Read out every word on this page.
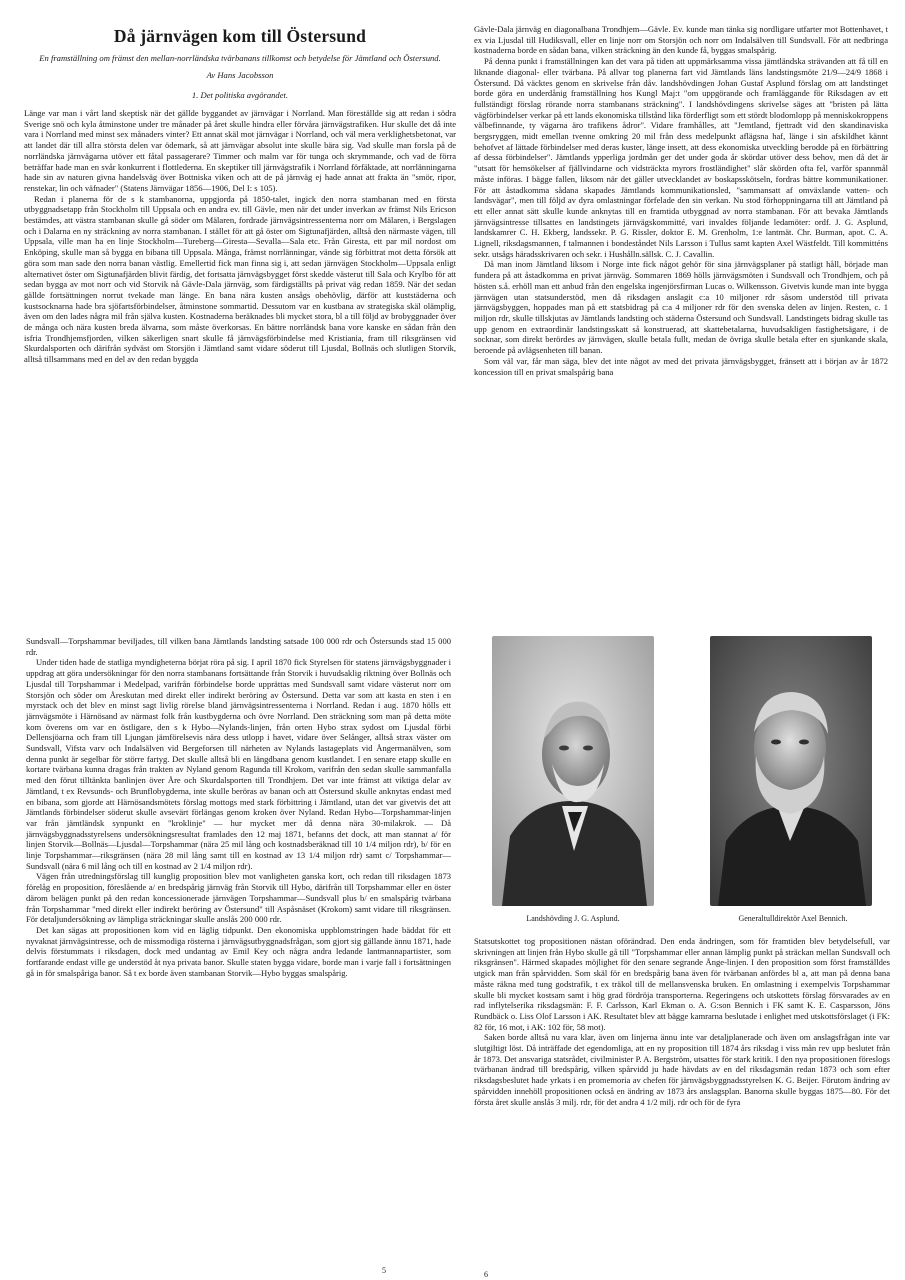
Då järnvägen kom till Östersund
En framställning om främst den mellan-norrländska tvärbanans tillkomst och betydelse för Jämtland och Östersund.
Av Hans Jacobsson
1. Det politiska avgörandet.

Länge var man i vårt land skeptisk när det gällde byggandet av järnvägar i Norrland. Man föreställde sig att redan i södra Sverige snö och kyla åtminstone under tre månader på året skulle hindra eller förvåra järnvägstrafiken. Hur skulle det då inte vara i Norrland med minst sex månaders vinter? Ett annat skäl mot järnvägar i Norrland, och väl mera verklighetsbetonat, var att landet där till allra största delen var ödemark, så att järnvägar absolut inte skulle bära sig. Vad skulle man forsla på de norrländska järnvägarna utöver ett fåtal passagerare? Timmer och malm var för tunga och skrymmande, och vad de förra beträffar hade man en svår konkurrent i flottlederna. En skeptiker till järnvägstrafik i Norrland förfäktade, att norrlänningarna hade sin av naturen givna handelsväg över Bottniska viken och att de på järnväg ej hade annat att frakta än "smör, ripor, renstekar, lin och väfnader" (Statens Järnvägar 1856—1906, Del I: s 105).

Redan i planerna för de s k stambanorna, uppgjorda på 1850-talet, ingick den norra stambanan med en första utbyggnadsetapp från Stockholm till Uppsala och en andra ev. till Gävle, men när det under inverkan av främst Nils Ericson bestämdes, att västra stambanan skulle gå söder om Mälaren, fordrade järnvägsintressenterna norr om Mälaren, i Bergslagen och i Dalarna en ny sträckning av norra stambanan. I stället för att gå öster om Sigtunafjärden, alltså den närmaste vägen, till Uppsala, ville man ha en linje Stockholm—Tureberg—Giresta—Sevalla—Sala etc. Från Giresta, ett par mil nordost om Enköping, skulle man så bygga en bibana till Uppsala. Många, främst norrlänningar, vände sig förbittrat mot detta försök att göra som man sade den norra banan västlig. Emellertid fick man finna sig i, att sedan järnvägen Stockholm—Uppsala enligt alternativet öster om Sigtunafjärden blivit färdig, det fortsatta järnvägsbygget först skedde västerut till Sala och Krylbo för att sedan bygga av mot norr och vid Storvik nå Gävle-Dala järnväg, som färdigställts på privat väg redan 1859. När det sedan gällde fortsättningen norrut tvekade man länge. En bana nära kusten ansågs obehövlig, därför att kuststäderna och kustsocknarna hade bra sjöfartsförbindelser, åtminstone sommartid. Dessutom var en kustbana av strategiska skäl olämplig, även om den lades några mil från själva kusten. Kostnaderna beräknades bli mycket stora, bl a till följd av brobyggnader över de många och nära kusten breda älvarna, som måste överkorsas. En bättre norrländsk bana vore kanske en sådan från den isfria Trondhjemsfjorden, vilken säkerligen snart skulle få järnvägsförbindelse med Kristiania, fram till riksgränsen vid Skurdalsporten och därifrån sydväst om Storsjön i Jämtland samt vidare söderut till Ljusdal, Bollnäs och slutligen Storvik, alltså tillsammans med en del av den redan byggda

Gävle-Dala järnväg en diagonalbana Trondhjem—Gävle. Ev. kunde man tänka sig nordligare utfarter mot Bottenhavet, t ex via Ljusdal till Hudiksvall, eller en linje norr om Storsjön och norr om Indalsälven till Sundsvall. För att nedbringa kostnaderna borde en sådan bana, vilken sträckning än den kunde få, byggas smalspårig.

På denna punkt i framställningen kan det vara på tiden att uppmärksamma vissa jämtländska strävanden att få till en liknande diagonal- eller tvärbana. På allvar tog planerna fart vid Jämtlands läns landstingsmöte 21/9—24/9 1868 i Östersund. Då väcktes genom en skrivelse från dåv. landshövdingen Johan Gustaf Asplund förslag om att landstinget borde göra en underdånig framställning hos Kungl Maj:t "om uppgörande och framläggande för Riksdagen av ett fullständigt förslag rörande norra stambanans sträckning". I landshövdingens skrivelse säges att "bristen på lätta vägförbindelser verkar på ett lands ekonomiska tillstånd lika förderfligt som ett stördt blodomlopp på menniskokroppens välbefinnande, ty vägarna äro trafikens ådror". Vidare framhålles, att "Jemtland, fjettradt vid den skandinaviska bergsryggen, midt emellan tvenne omkring 20 mil från dess medelpunkt aflägsna haf, länge i sin afskildhet kännt behofvet af lättade förbindelser med deras kuster, länge insett, att dess ekonomiska utveckling berodde på en förbättring af dessa förbindelser". Jämtlands ypperliga jordmån ger det under goda år skördar utöver dess behov, men då det är "utsatt för hemsökelser af fjällvindarne och vidsträckta myrors frostländighet" slår skörden ofta fel, varför spannmål måste införas. I bägge fallen, liksom när det gäller utvecklandet av boskapsskötseln, fordras bättre kommunikationer. För att åstadkomma sådana skapades Jämtlands kommunikationsled, "sammansatt af omväxlande vatten- och landsvägar", men till följd av dyra omlastningar förfelade den sin verkan. Nu stod förhoppningarna till att Jämtland på ett eller annat sätt skulle kunde anknytas till en framtida utbyggnad av norra stambanan. För att bevaka Jämtlands järnvägsintresse tillsattes en landstingets järnvägskommitté, vari invaldes följande ledamöter: ordf. J. G. Asplund, landskamrer C. H. Ekberg, landssekr. P. G. Rissler, doktor E. M. Grenholm, 1:e lantmät. Chr. Burman, apot. C. A. Lignell, riksdagsmannen, f talmannen i bondeståndet Nils Larsson i Tullus samt kapten Axel Wästfeldt. Till kommitténs sekr. utsågs häradsskrivaren och sekr. i Hushålln.sällsk. C. J. Cavallin.

Då man inom Jämtland liksom i Norge inte fick något gehör för sina järnvägsplaner på statligt håll, började man fundera på att åstadkomma en privat järnväg. Sommaren 1869 hölls järnvägsmöten i Sundsvall och Trondhjem, och på hösten s.å. erhöll man ett anbud från den engelska ingenjörsfirman Lucas o. Wilkensson. Givetvis kunde man inte bygga järnvägen utan statsunderstöd, men då riksdagen anslagit c:a 10 miljoner rdr såsom understöd till privata järnvägsbyggen, hoppades man på ett statsbidrag på c:a 4 miljoner rdr för den svenska delen av linjen. Resten, c. 1 miljon rdr, skulle tillskjutas av Jämtlands landsting och städerna Östersund och Sundsvall. Landstingets bidrag skulle tas upp genom en extraordinär landstingsskatt så konstruerad, att skattebetalarna, huvudsakligen fastighetsägare, i de socknar, som direkt berördes av järnvägen, skulle betala fullt, medan de övriga skulle betala efter en sjunkande skala, beroende på avlägsenheten till banan.

Som väl var, får man säga, blev det inte något av med det privata järnvägsbygget, fränsett att i början av år 1872 koncession till en privat smalspårig bana

Sundsvall—Torpshammar beviljades, till vilken bana Jämtlands landsting satsade 100 000 rdr och Östersunds stad 15 000 rdr.

Under tiden hade de statliga myndigheterna börjat röra på sig. I april 1870 fick Styrelsen för statens järnvägsbyggnader i uppdrag att göra undersökningar för den norra stambanans fortsättande från Storvik i huvudsaklig riktning över Bollnäs och Ljusdal till Torpshammar i Medelpad, varifrån förbindelse borde upprättas med Sundsvall samt vidare västerut norr om Storsjön och söder om Åreskutan med direkt eller indirekt beröring av Östersund. Detta var som att kasta en sten i en myrstack och det blev en minst sagt livlig rörelse bland järnvägsintressenterna i Norrland. Redan i aug. 1870 hölls ett järnvägsmöte i Härnösand av närmast folk från kustbygderna och övre Norrland. Den sträckning som man på detta möte kom överens om var en östligare, den s k Hybo—Nylands-linjen, från orten Hybo strax sydost om Ljusdal förbi Dellensjöarna och fram till Ljungan jämförelsevis nära dess utlopp i havet, vidare över Selånger, alltså strax väster om Sundsvall, Vifsta varv och Indalsälven vid Bergeforsen till närheten av Nylands lastageplats vid Ångermanälven, som denna punkt är segelbar för större fartyg. Det skulle alltså bli en längdbana genom kustlandet. I en senare etapp skulle en kortare tvärbana kunna dragas från trakten av Nyland genom Ragunda till Krokom, varifrån den sedan skulle sammanfalla med den förut tilltänkta banlinjen över Åre och Skurdalsporten till Trondhjem. Det var inte främst att viktiga delar av Jämtland, t ex Revsunds- och Brunflobygderna, inte skulle beröras av banan och att Östersund skulle anknytas endast med en bibana, som gjorde att Härnösandsmötets förslag mottogs med stark förbittring i Jämtland, utan det var givetvis det att Jämtlands förbindelser söderut skulle avsevärt förlängas genom kroken över Nyland. Redan Hybo—Torpshammar-linjen var från jämtländsk synpunkt en "kroklinje" — hur mycket mer då denna nära 30-milakrok. — Då järnvägsbyggnadsstyrelsens undersökningsresultat framlades den 12 maj 1871, befanns det dock, att man stannat a/ för linjen Storvik—Bollnäs—Ljusdal—Torpshammar (nära 25 mil lång och kostnadsberäknad till 10 1/4 miljon rdr), b/ för en linje Torpshammar—riksgränsen (nära 28 mil lång samt till en kostnad av 13 1/4 miljon rdr) samt c/ Torpshammar—Sundsvall (nära 6 mil lång och till en kostnad av 2 1/4 miljon rdr).

Vägen från utredningsförslag till kunglig proposition blev mot vanligheten ganska kort, och redan till riksdagen 1873 förelåg en proposition, föreslående a/ en bredspårig järnväg från Storvik till Hybo, därifrån till Torpshammar eller en öster därom belägen punkt på den redan koncessionerade järnvägen Torpshammar—Sundsvall plus b/ en smalspårig tvärbana från Torpshammar "med direkt eller indirekt beröring av Östersund" till Aspåsnäset (Krokom) samt vidare till riksgränsen. För detaljundersökning av lämpliga sträckningar skulle anslås 200 000 rdr.

Det kan sägas att propositionen kom vid en läglig tidpunkt. Den ekonomiska uppblomstringen hade bäddat för ett nyvaknat järnvägsintresse, och de missmodiga rösterna i järnvägsutbyggnadsfrågan, som gjort sig gällande ännu 1871, hade delvis förstummats i riksdagen, dock med undantag av Emil Key och några andra ledande lantmannapartister, som fortfarande endast ville ge understöd åt nya privata banor. Skulle staten bygga vidare, borde man i varje fall i fortsättningen gå in för smalspåriga banor. Så t ex borde även stambanan Storvik—Hybo byggas smalspårig.

5
Landshövding J. G. Asplund.	Generaltulldirektör Axel Bennich.

Statsutskottet tog propositionen nästan oförändrad. Den enda ändringen, som för framtiden blev betydelsefull, var skrivningen att linjen från Hybo skulle gå till "Torpshammar eller annan lämplig punkt på sträckan mellan Sundsvall och riksgränsen". Härmed skapades möjlighet för den senare segrande Ånge-linjen. I den proposition som först framställdes utgick man från spårvidden. Som skäl för en bredspårig bana även för tvärbanan anfördes bl a, att man på denna bana måste räkna med tung godstrafik, t ex träkol till de mellansvenska bruken. En omlastning i exempelvis Torpshammar skulle bli mycket kostsam samt i hög grad fördröja transporterna. Regeringens och utskottets förslag försvarades av en rad inflytelserika riksdagsmän: F. F. Carlsson, Karl Ekman o. A. G:son Bennich i FK samt K. E. Casparsson, Jöns Rundbäck o. Liss Olof Larsson i AK. Resultatet blev att bägge kamrarna beslutade i enlighet med utskottsförslaget (i FK: 82 för, 16 mot, i AK: 102 för, 58 mot).

Saken borde alltså nu vara klar, även om linjerna ännu inte var detaljplanerade och även om anslagsfrågan inte var slutgiltigt löst. Då inträffade det egendomliga, att en ny proposition till 1874 års riksdag i viss mån rev upp beslutet från år 1873. Det ansvariga statsrådet, civilminister P. A. Bergström, utsattes för stark kritik. I den nya propositionen föreslogs tvärbanan ändrad till bredspårig, vilken spårvidd ju hade hävdats av en del riksdagsmän redan 1873 och som efter riksdagsbeslutet hade yrkats i en promemoria av chefen för järnvägsbyggnadsstyrelsen K. G. Beijer. Förutom ändring av spårvidden innehöll propositionen också en ändring av 1873 års anslagsplan. Banorna skulle byggas 1875—80. För det första året skulle anslås 3 milj. rdr, för det andra 4 1/2 milj. rdr och för de fyra

6
